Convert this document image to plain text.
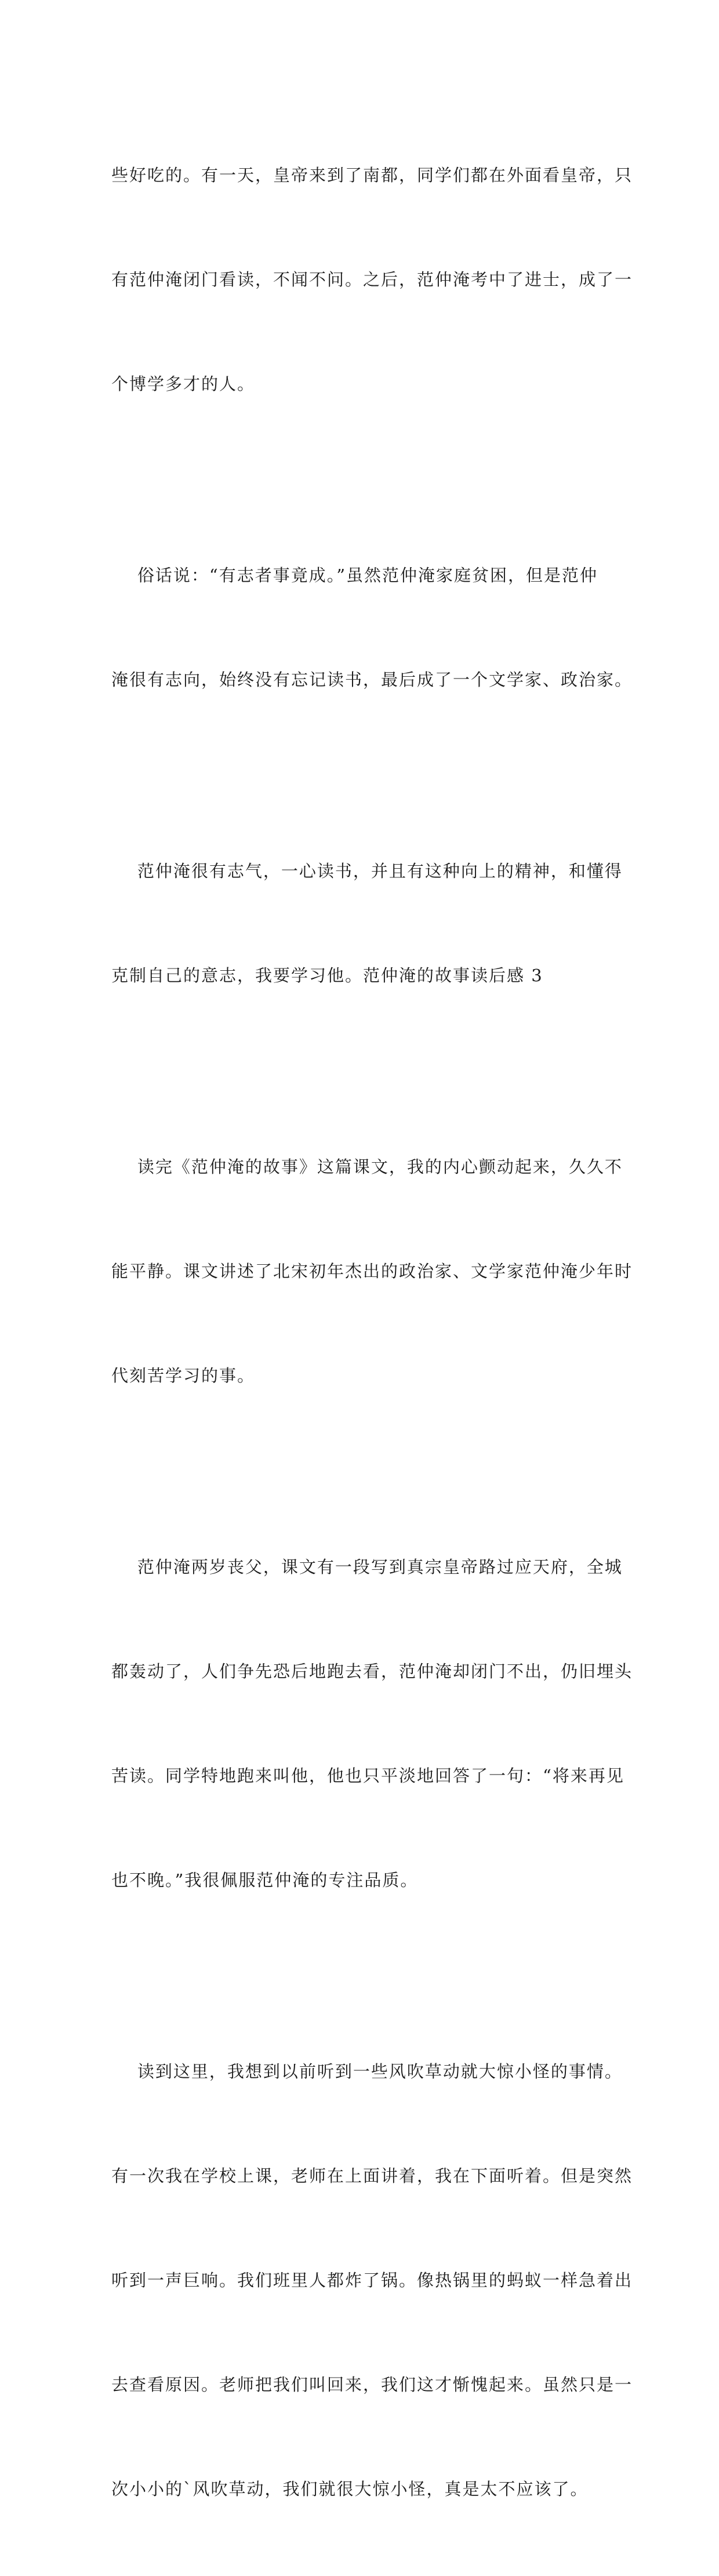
些好吃的。有一天，皇帝来到了南都，同学们都在外面看皇帝，只

有范仲淹闭门看读，不闻不问。之后，范仲淹考中了进士，成了一

个博学多才的人。

俗话说：“有志者事竟成。”虽然范仲淹家庭贫困，但是范仲

淹很有志向，始终没有忘记读书，最后成了一个文学家、政治家。

范仲淹很有志气，一心读书，并且有这种向上的精神，和懂得

克制自己的意志，我要学习他。范仲淹的故事读后感 3

读完《范仲淹的故事》这篇课文，我的内心颤动起来，久久不

能平静。课文讲述了北宋初年杰出的政治家、文学家范仲淹少年时

代刻苦学习的事。

范仲淹两岁丧父，课文有一段写到真宗皇帝路过应天府，全城

都轰动了，人们争先恐后地跑去看，范仲淹却闭门不出，仍旧埋头

苦读。同学特地跑来叫他，他也只平淡地回答了一句：“将来再见

也不晚。”我很佩服范仲淹的专注品质。

读到这里，我想到以前听到一些风吹草动就大惊小怪的事情。

有一次我在学校上课，老师在上面讲着，我在下面听着。但是突然

听到一声巨响。我们班里人都炸了锅。像热锅里的蚂蚁一样急着出

去查看原因。老师把我们叫回来，我们这才惭愧起来。虽然只是一

次小小的`风吹草动，我们就很大惊小怪，真是太不应该了。
